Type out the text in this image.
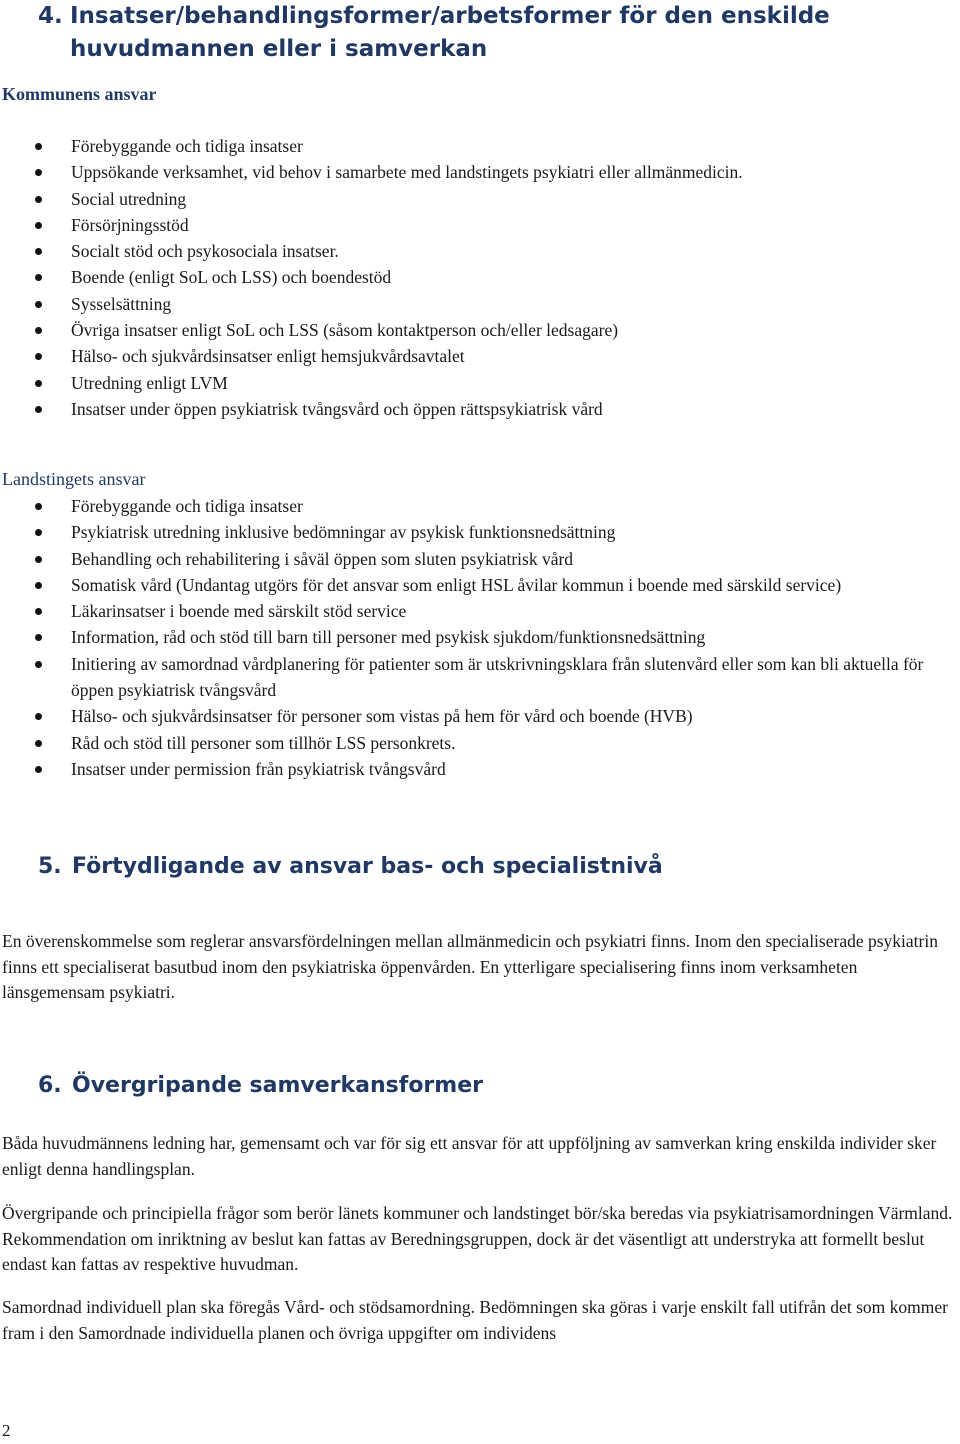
4. Insatser/behandlingsformer/arbetsformer för den enskilde huvudmannen eller i samverkan
Kommunens ansvar
Förebyggande och tidiga insatser
Uppsökande verksamhet, vid behov i samarbete med landstingets psykiatri eller allmänmedicin.
Social utredning
Försörjningsstöd
Socialt stöd och psykosociala insatser.
Boende (enligt SoL och LSS) och boendestöd
Sysselsättning
Övriga insatser enligt SoL och LSS (såsom kontaktperson och/eller ledsagare)
Hälso- och sjukvårdsinsatser enligt hemsjukvårdsavtalet
Utredning enligt LVM
Insatser under öppen psykiatrisk tvångsvård och öppen rättspsykiatrisk vård
Landstingets ansvar
Förebyggande och tidiga insatser
Psykiatrisk utredning inklusive bedömningar av psykisk funktionsnedsättning
Behandling och rehabilitering i såväl öppen som sluten psykiatrisk vård
Somatisk vård (Undantag utgörs för det ansvar som enligt HSL åvilar kommun i boende med särskild service)
Läkarinsatser i boende med särskilt stöd service
Information, råd och stöd till barn till personer med psykisk sjukdom/funktionsnedsättning
Initiering av samordnad vårdplanering för patienter som är utskrivningsklara från slutenvård eller som kan bli aktuella för öppen psykiatrisk tvångsvård
Hälso- och sjukvårdsinsatser för personer som vistas på hem för vård och boende (HVB)
Råd och stöd till personer som tillhör LSS personkrets.
Insatser under permission från psykiatrisk tvångsvård
5. Förtydligande av ansvar bas- och specialistnivå

En överenskommelse som reglerar ansvarsfördelningen mellan allmänmedicin och psykiatri finns. Inom den specialiserade psykiatrin finns ett specialiserat basutbud inom den psykiatriska öppenvården. En ytterligare specialisering finns inom verksamheten länsgemensam psykiatri.

6. Övergripande samverkansformer

Båda huvudmännens ledning har, gemensamt och var för sig ett ansvar för att uppföljning av samverkan kring enskilda individer sker enligt denna handlingsplan.

Övergripande och principiella frågor som berör länets kommuner och landstinget bör/ska beredas via psykiatrisamordningen Värmland. Rekommendation om inriktning av beslut kan fattas av Beredningsgruppen, dock är det väsentligt att understryka att formellt beslut endast kan fattas av respektive huvudman.

Samordnad individuell plan ska föregås Vård- och stödsamordning. Bedömningen ska göras i varje enskilt fall utifrån det som kommer fram i den Samordnade individuella planen och övriga uppgifter om individens

2
